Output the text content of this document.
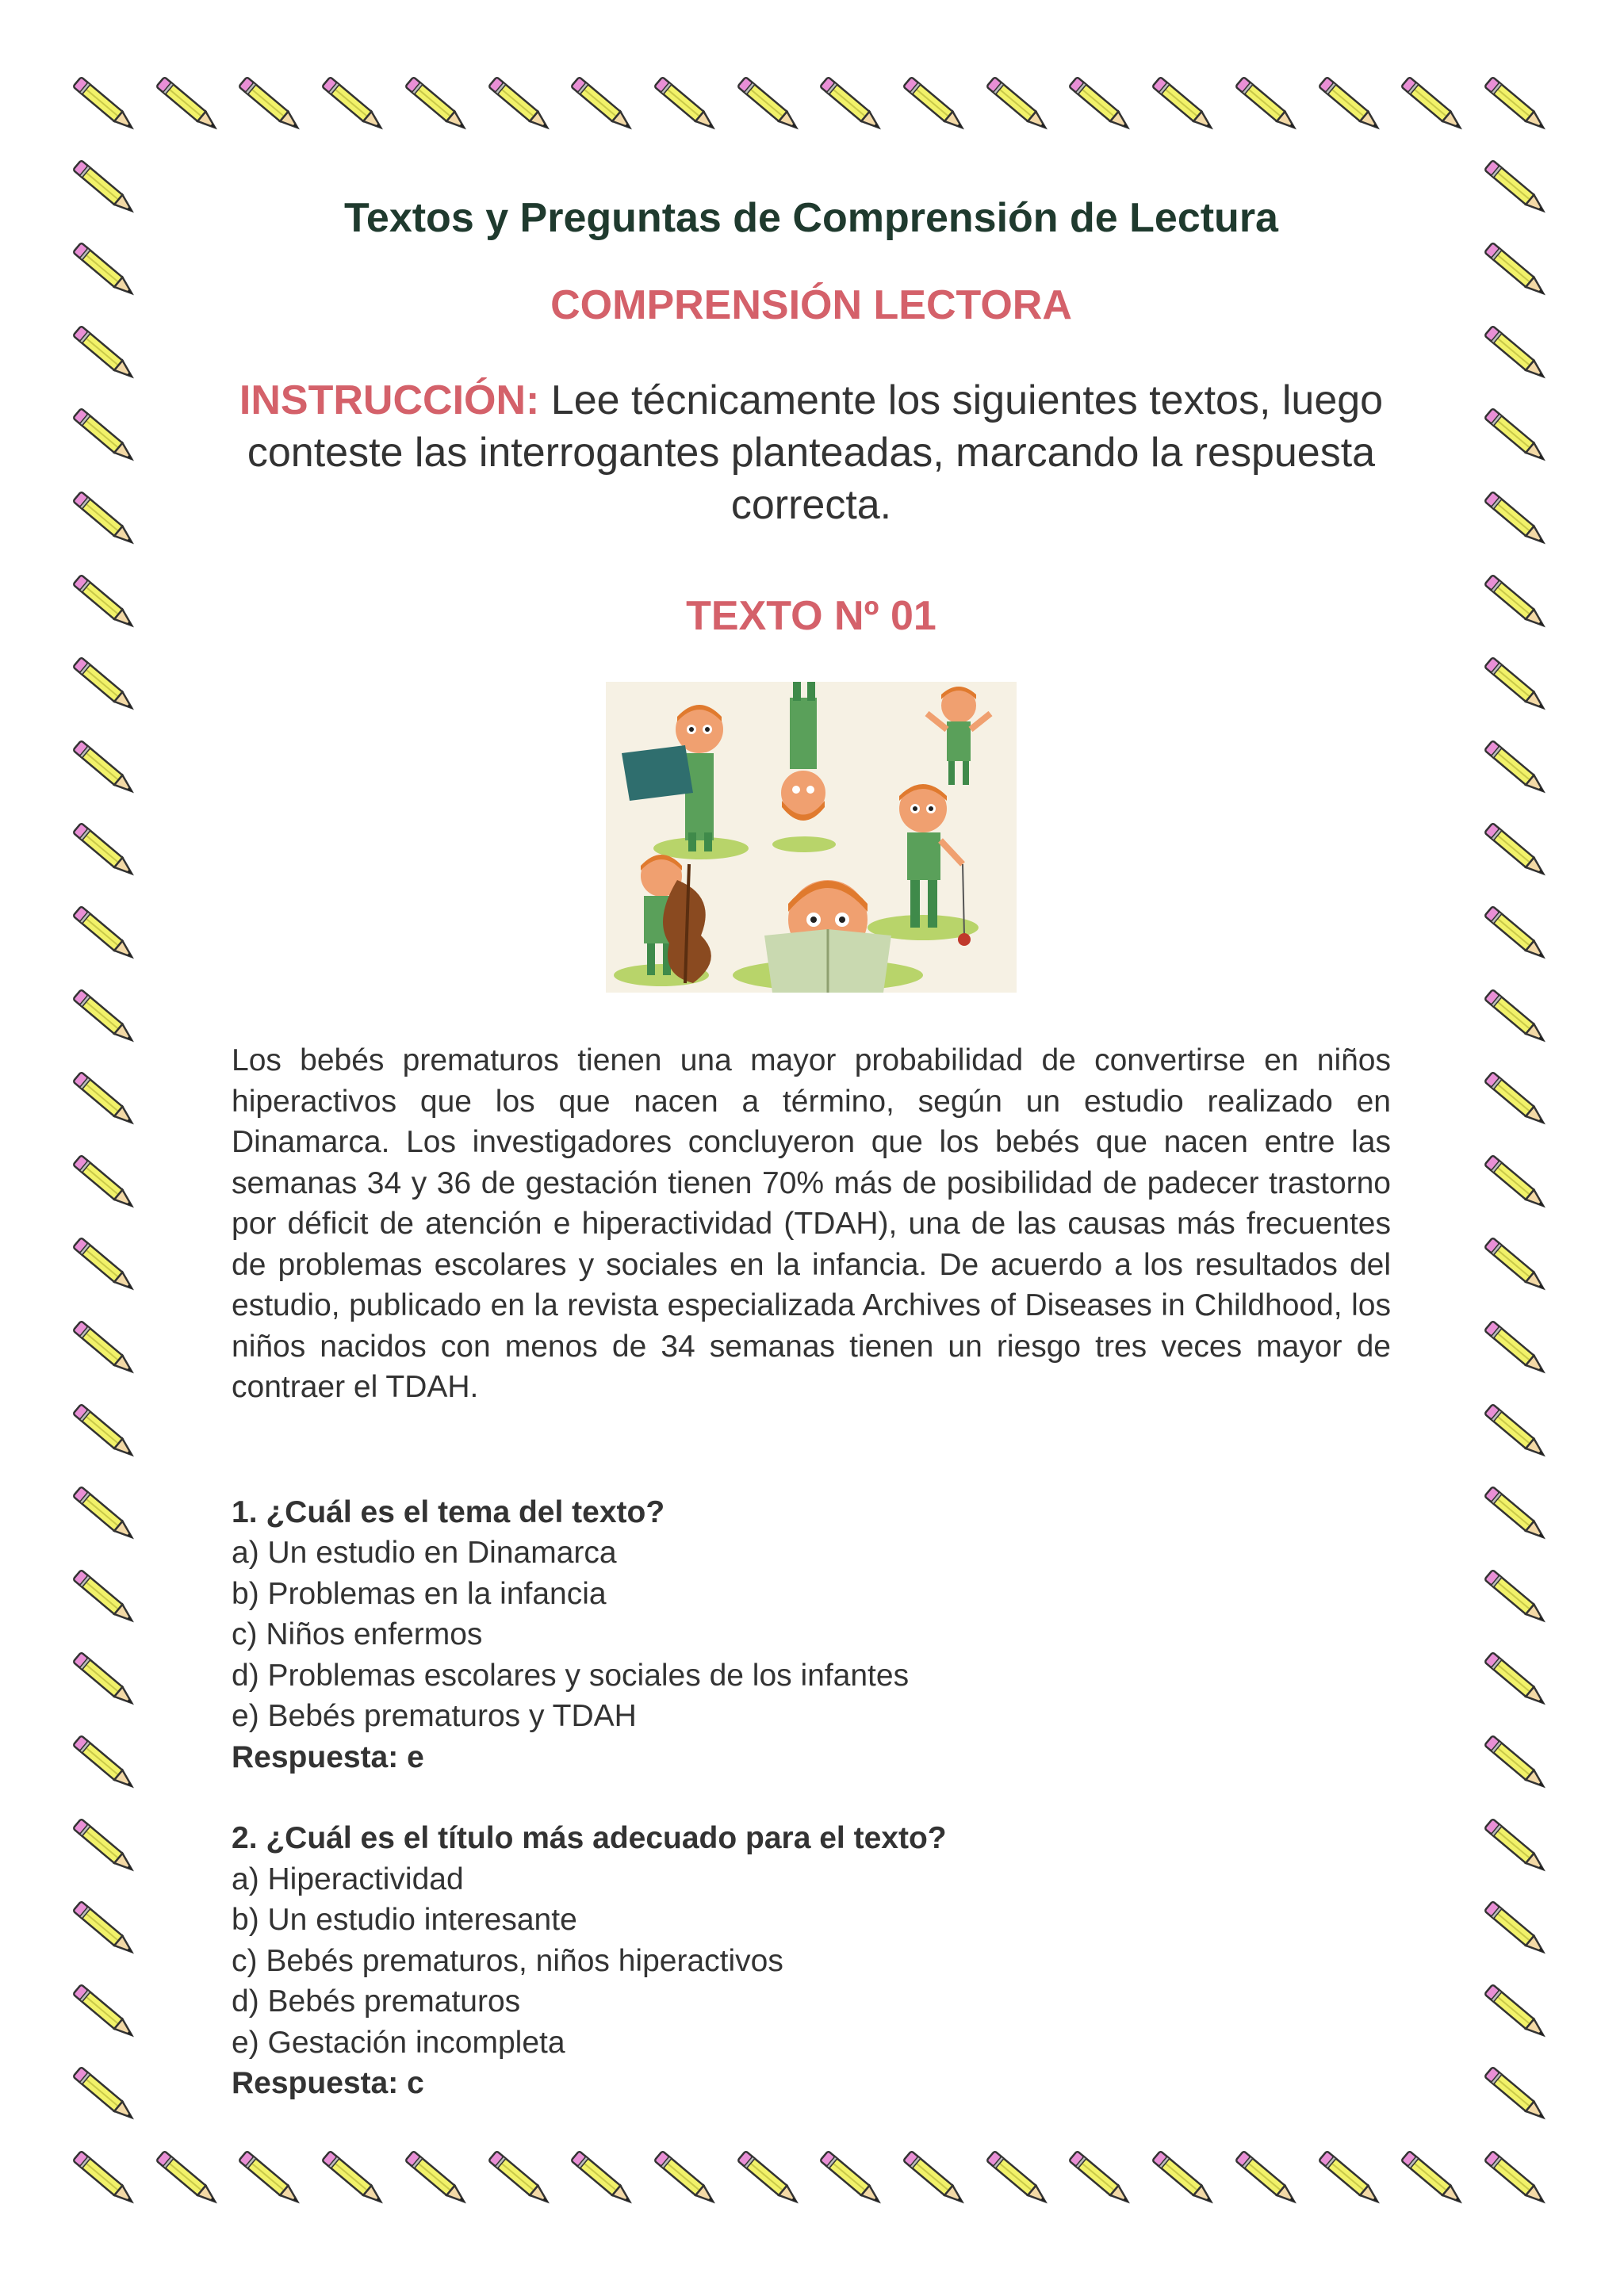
Textos y Preguntas de Comprensión de Lectura
COMPRENSIÓN LECTORA
INSTRUCCIÓN: Lee técnicamente los siguientes textos, luego conteste las interrogantes planteadas, marcando la respuesta correcta.
TEXTO Nº 01
Los bebés prematuros tienen una mayor probabilidad de convertirse en niños hiperactivos que los que nacen a término, según un estudio realizado en Dinamarca. Los investigadores concluyeron que los bebés que nacen entre las semanas 34 y 36 de gestación tienen 70% más de posibilidad de padecer trastorno por déficit de atención e hiperactividad (TDAH), una de las causas más frecuentes de problemas escolares y sociales en la infancia. De acuerdo a los resultados del estudio, publicado en la revista especializada Archives of Diseases in Childhood, los niños nacidos con menos de 34 semanas tienen un riesgo tres veces mayor de contraer el TDAH.
1. ¿Cuál es el tema del texto?
a) Un estudio en Dinamarca
b) Problemas en la infancia
c) Niños enfermos
d) Problemas escolares y sociales de los infantes
e) Bebés prematuros y TDAH
Respuesta: e
2. ¿Cuál es el título más adecuado para el texto?
a) Hiperactividad
b) Un estudio interesante
c) Bebés prematuros, niños hiperactivos
d) Bebés prematuros
e) Gestación incompleta
Respuesta: c
